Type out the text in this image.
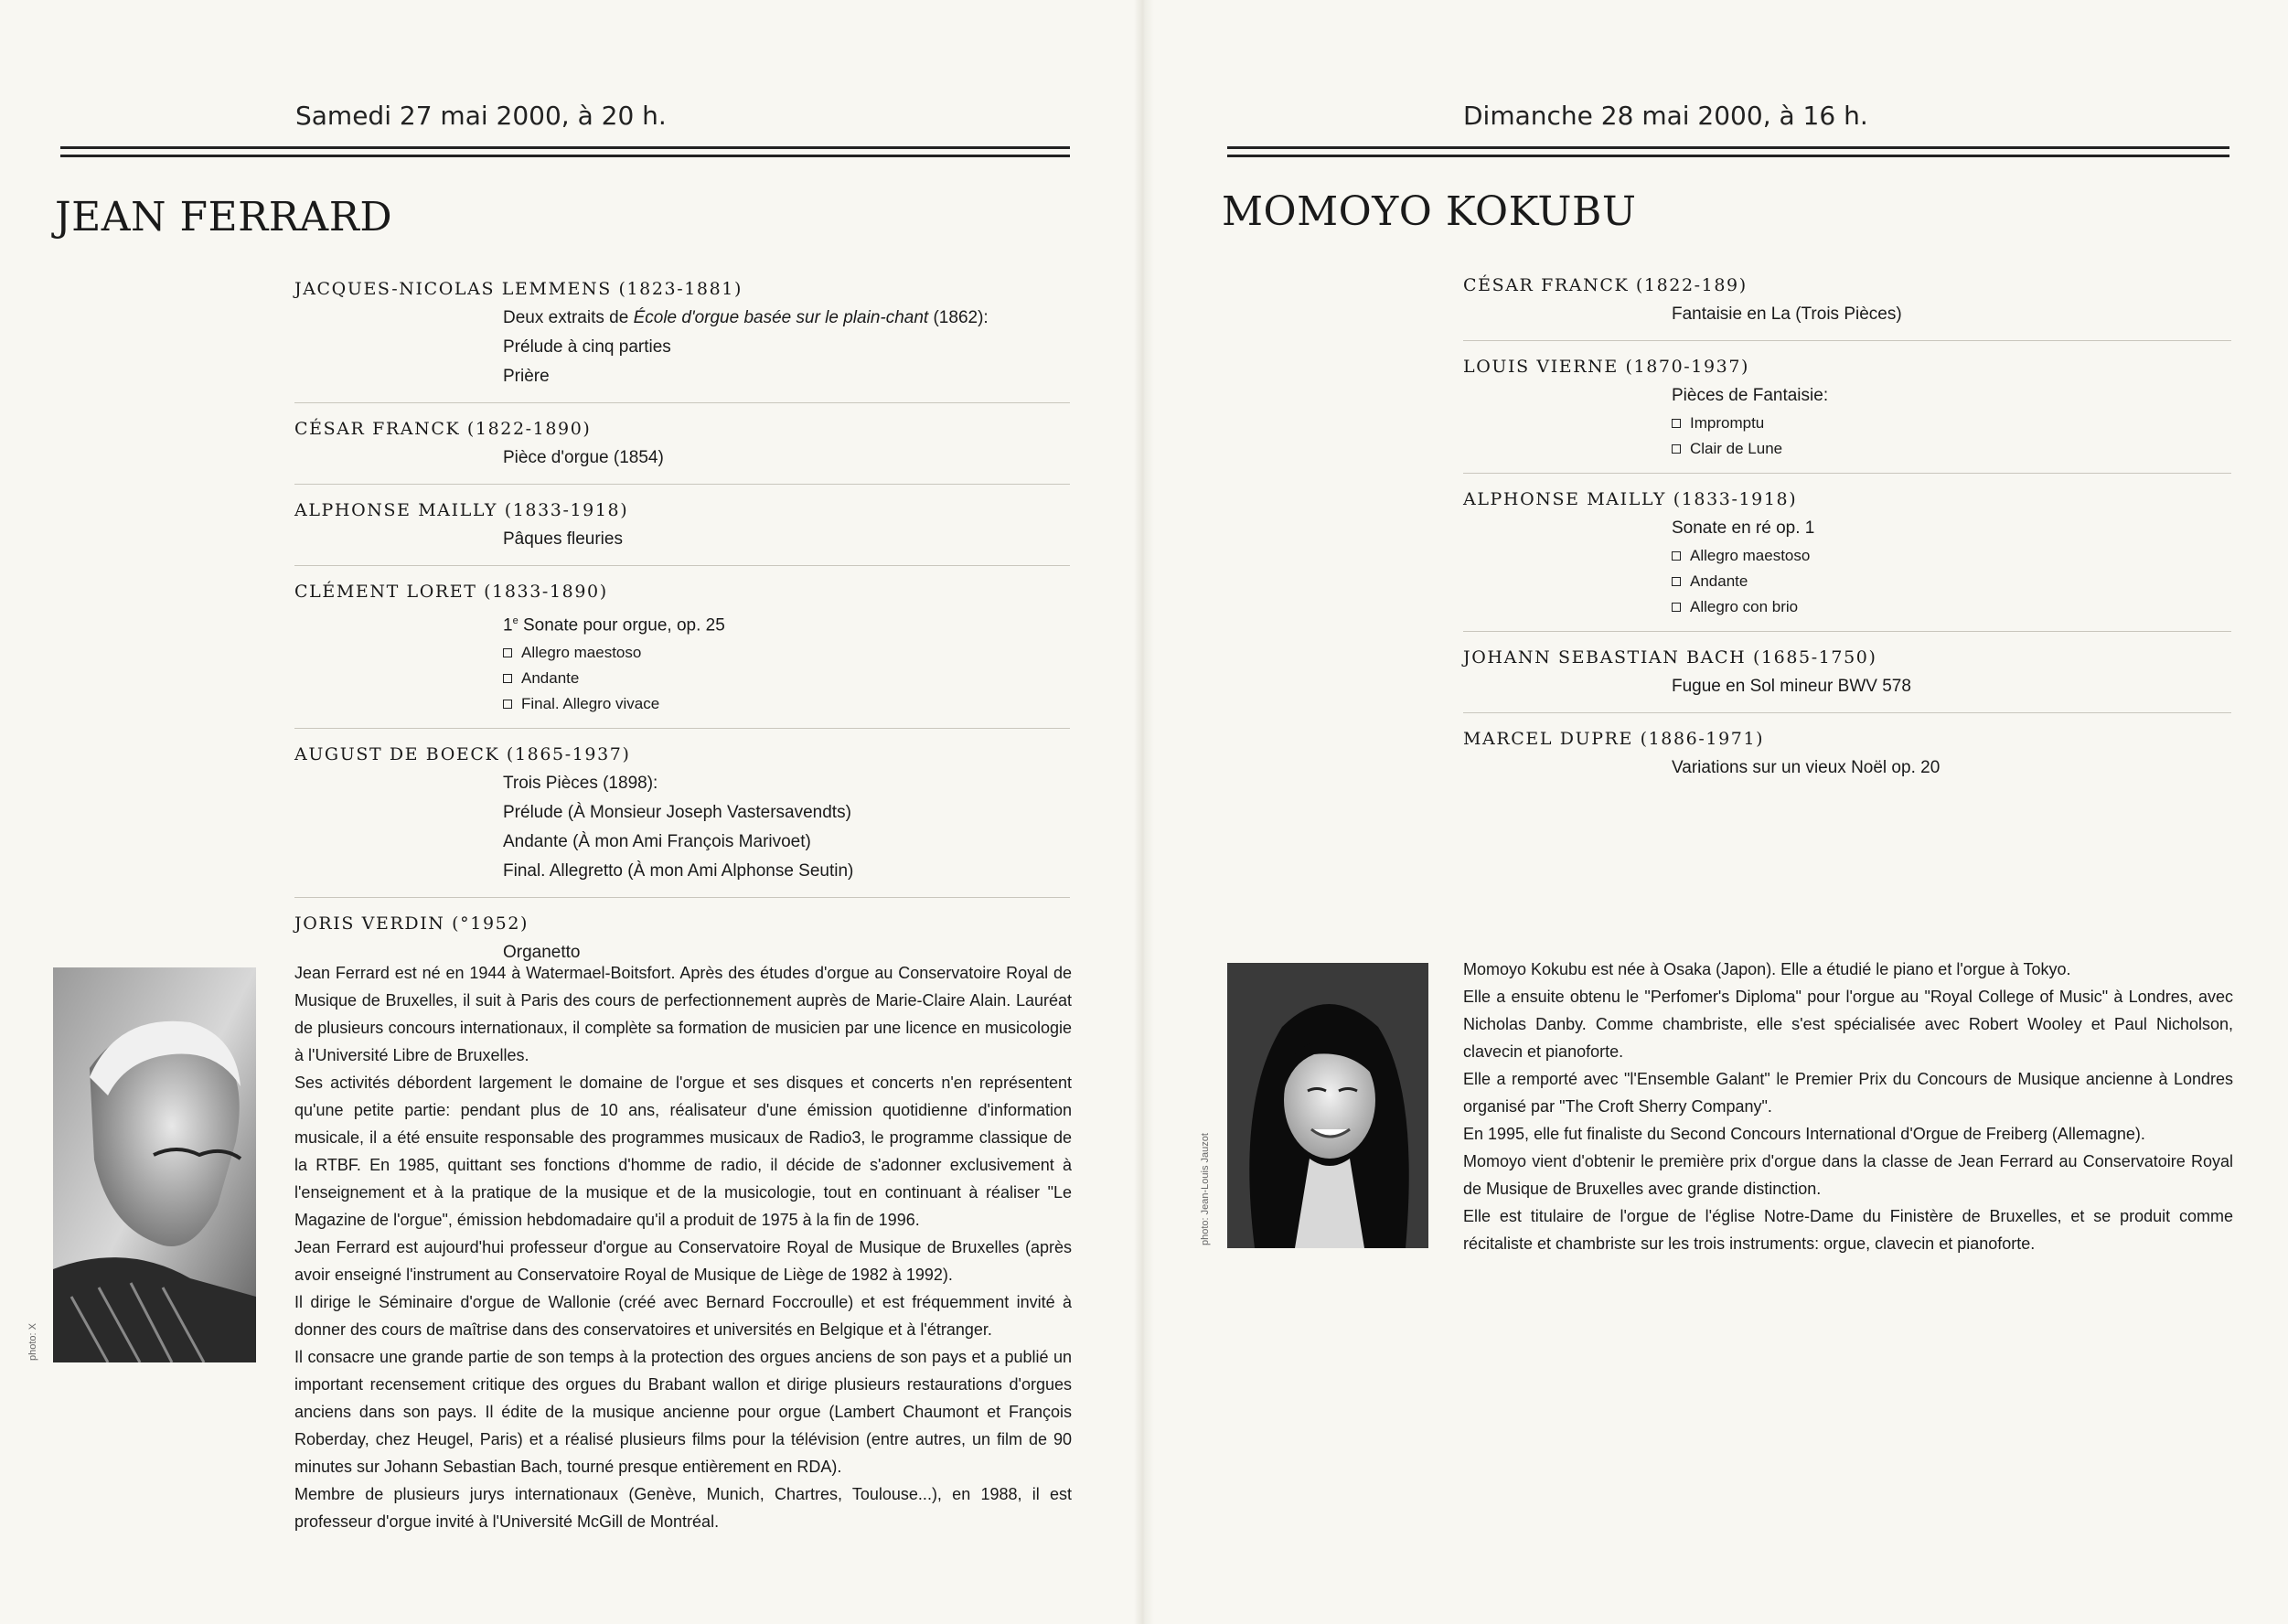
Samedi 27 mai 2000, à 20 h.
JEAN FERRARD
JACQUES-NICOLAS LEMMENS (1823-1881)
Deux extraits de École d'orgue basée sur le plain-chant (1862):
Prélude à cinq parties
Prière
CÉSAR FRANCK (1822-1890)
Pièce d'orgue (1854)
ALPHONSE MAILLY (1833-1918)
Pâques fleuries
CLÉMENT LORET (1833-1890)
1e Sonate pour orgue, op. 25
Allegro maestoso
Andante
Final. Allegro vivace
AUGUST DE BOECK (1865-1937)
Trois Pièces (1898):
Prélude (À Monsieur Joseph Vastersavendts)
Andante (À mon Ami François Marivoet)
Final. Allegretto (À mon Ami Alphonse Seutin)
JORIS VERDIN (°1952)
Organetto
photo: X

Jean Ferrard est né en 1944 à Watermael-Boitsfort. Après des études d'orgue au Conservatoire Royal de Musique de Bruxelles, il suit à Paris des cours de perfectionnement auprès de Marie-Claire Alain. Lauréat de plusieurs concours internationaux, il complète sa formation de musicien par une licence en musicologie à l'Université Libre de Bruxelles.

Ses activités débordent largement le domaine de l'orgue et ses disques et concerts n'en représentent qu'une petite partie: pendant plus de 10 ans, réalisateur d'une émission quotidienne d'information musicale, il a été ensuite responsable des programmes musicaux de Radio3, le programme classique de la RTBF. En 1985, quittant ses fonctions d'homme de radio, il décide de s'adonner exclusivement à l'enseignement et à la pratique de la musique et de la musicologie, tout en continuant à réaliser "Le Magazine de l'orgue", émission hebdomadaire qu'il a produit de 1975 à la fin de 1996.

Jean Ferrard est aujourd'hui professeur d'orgue au Conservatoire Royal de Musique de Bruxelles (après avoir enseigné l'instrument au Conservatoire Royal de Musique de Liège de 1982 à 1992).

Il dirige le Séminaire d'orgue de Wallonie (créé avec Bernard Foccroulle) et est fréquemment invité à donner des cours de maîtrise dans des conservatoires et universités en Belgique et à l'étranger.

Il consacre une grande partie de son temps à la protection des orgues anciens de son pays et a publié un important recensement critique des orgues du Brabant wallon et dirige plusieurs restaurations d'orgues anciens dans son pays. Il édite de la musique ancienne pour orgue (Lambert Chaumont et François Roberday, chez Heugel, Paris) et a réalisé plusieurs films pour la télévision (entre autres, un film de 90 minutes sur Johann Sebastian Bach, tourné presque entièrement en RDA).

Membre de plusieurs jurys internationaux (Genève, Munich, Chartres, Toulouse...), en 1988, il est professeur d'orgue invité à l'Université McGill de Montréal.

Dimanche 28 mai 2000, à 16 h.
MOMOYO KOKUBU
CÉSAR FRANCK (1822-189)
Fantaisie en La (Trois Pièces)
LOUIS VIERNE (1870-1937)
Pièces de Fantaisie:
Impromptu
Clair de Lune
ALPHONSE MAILLY (1833-1918)
Sonate en ré op. 1
Allegro maestoso
Andante
Allegro con brio
JOHANN SEBASTIAN BACH (1685-1750)
Fugue en Sol mineur BWV 578
MARCEL DUPRE (1886-1971)
Variations sur un vieux Noël op. 20
photo: Jean-Louis Jauzot

Momoyo Kokubu est née à Osaka (Japon). Elle a étudié le piano et l'orgue à Tokyo.

Elle a ensuite obtenu le "Perfomer's Diploma" pour l'orgue au "Royal College of Music" à Londres, avec Nicholas Danby. Comme chambriste, elle s'est spécialisée avec Robert Wooley et Paul Nicholson, clavecin et pianoforte.

Elle a remporté avec "l'Ensemble Galant" le Premier Prix du Concours de Musique ancienne à Londres organisé par "The Croft Sherry Company".

En 1995, elle fut finaliste du Second Concours International d'Orgue de Freiberg (Allemagne).

Momoyo vient d'obtenir le première prix d'orgue dans la classe de Jean Ferrard au Conservatoire Royal de Musique de Bruxelles avec grande distinction.

Elle est titulaire de l'orgue de l'église Notre-Dame du Finistère de Bruxelles, et se produit comme récitaliste et chambriste sur les trois instruments: orgue, clavecin et pianoforte.
